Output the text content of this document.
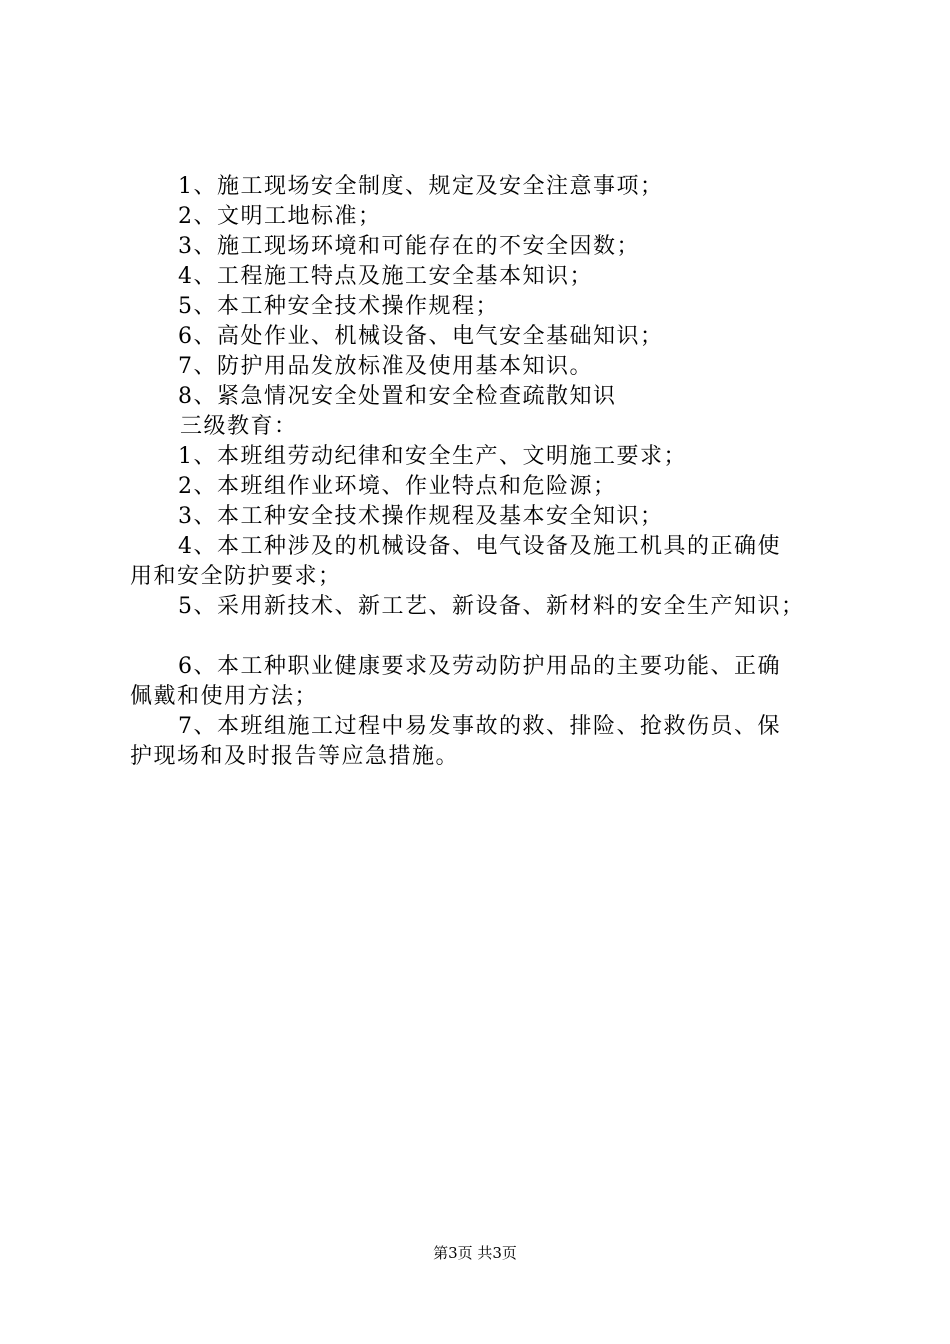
1、施工现场安全制度、规定及安全注意事项；
2、文明工地标准；
3、施工现场环境和可能存在的不安全因数；
4、工程施工特点及施工安全基本知识；
5、本工种安全技术操作规程；
6、高处作业、机械设备、电气安全基础知识；
7、防护用品发放标准及使用基本知识。
8、紧急情况安全处置和安全检查疏散知识
三级教育：
1、本班组劳动纪律和安全生产、文明施工要求；
2、本班组作业环境、作业特点和危险源；
3、本工种安全技术操作规程及基本安全知识；
4、本工种涉及的机械设备、电气设备及施工机具的正确使
用和安全防护要求；
5、采用新技术、新工艺、新设备、新材料的安全生产知识；
6、本工种职业健康要求及劳动防护用品的主要功能、正确
佩戴和使用方法；
7、本班组施工过程中易发事故的救、排险、抢救伤员、保
护现场和及时报告等应急措施。
第3页 共3页
